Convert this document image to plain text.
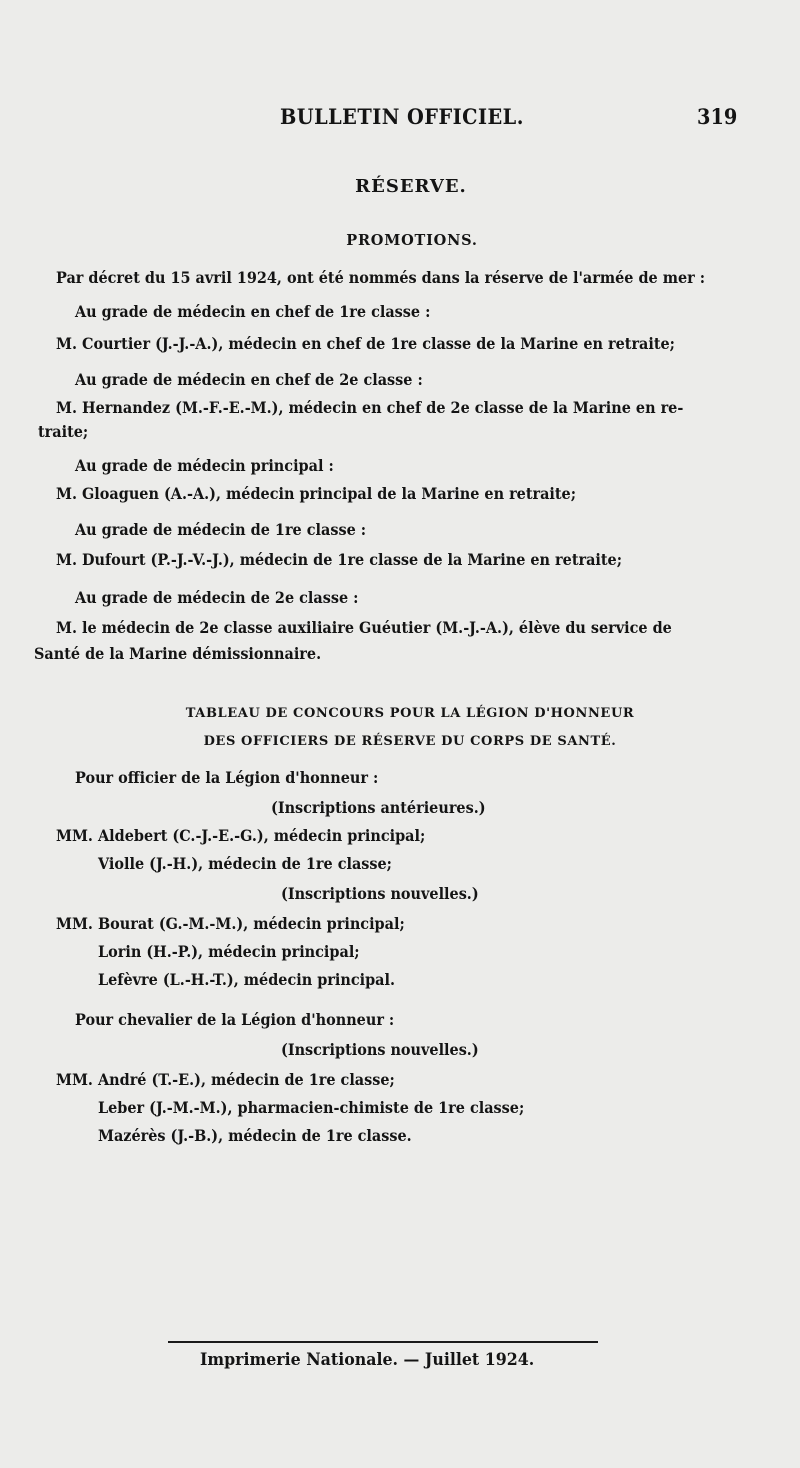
BULLETIN OFFICIEL.	319
RÉSERVE.
PROMOTIONS.
Par décret du 15 avril 1924, ont été nommés dans la réserve de l'armée de mer :
Au grade de médecin en chef de 1re classe :
M. Courtier (J.-J.-A.), médecin en chef de 1re classe de la Marine en retraite;
Au grade de médecin en chef de 2e classe :
M. Hernandez (M.-F.-E.-M.), médecin en chef de 2e classe de la Marine en re-
traite;
Au grade de médecin principal :
M. Gloaguen (A.-A.), médecin principal de la Marine en retraite;
Au grade de médecin de 1re classe :
M. Dufourt (P.-J.-V.-J.), médecin de 1re classe de la Marine en retraite;
Au grade de médecin de 2e classe :
M. le médecin de 2e classe auxiliaire Guéutier (M.-J.-A.), élève du service de
Santé de la Marine démissionnaire.
TABLEAU DE CONCOURS POUR LA LÉGION D'HONNEUR
DES OFFICIERS DE RÉSERVE DU CORPS DE SANTÉ.
Pour officier de la Légion d'honneur :
(Inscriptions antérieures.)
MM. Aldebert (C.-J.-E.-G.), médecin principal;
Violle (J.-H.), médecin de 1re classe;
(Inscriptions nouvelles.)
MM. Bourat (G.-M.-M.), médecin principal;
Lorin (H.-P.), médecin principal;
Lefèvre (L.-H.-T.), médecin principal.
Pour chevalier de la Légion d'honneur :
(Inscriptions nouvelles.)
MM. André (T.-E.), médecin de 1re classe;
Leber (J.-M.-M.), pharmacien-chimiste de 1re classe;
Mazérès (J.-B.), médecin de 1re classe.
Imprimerie Nationale. — Juillet 1924.
